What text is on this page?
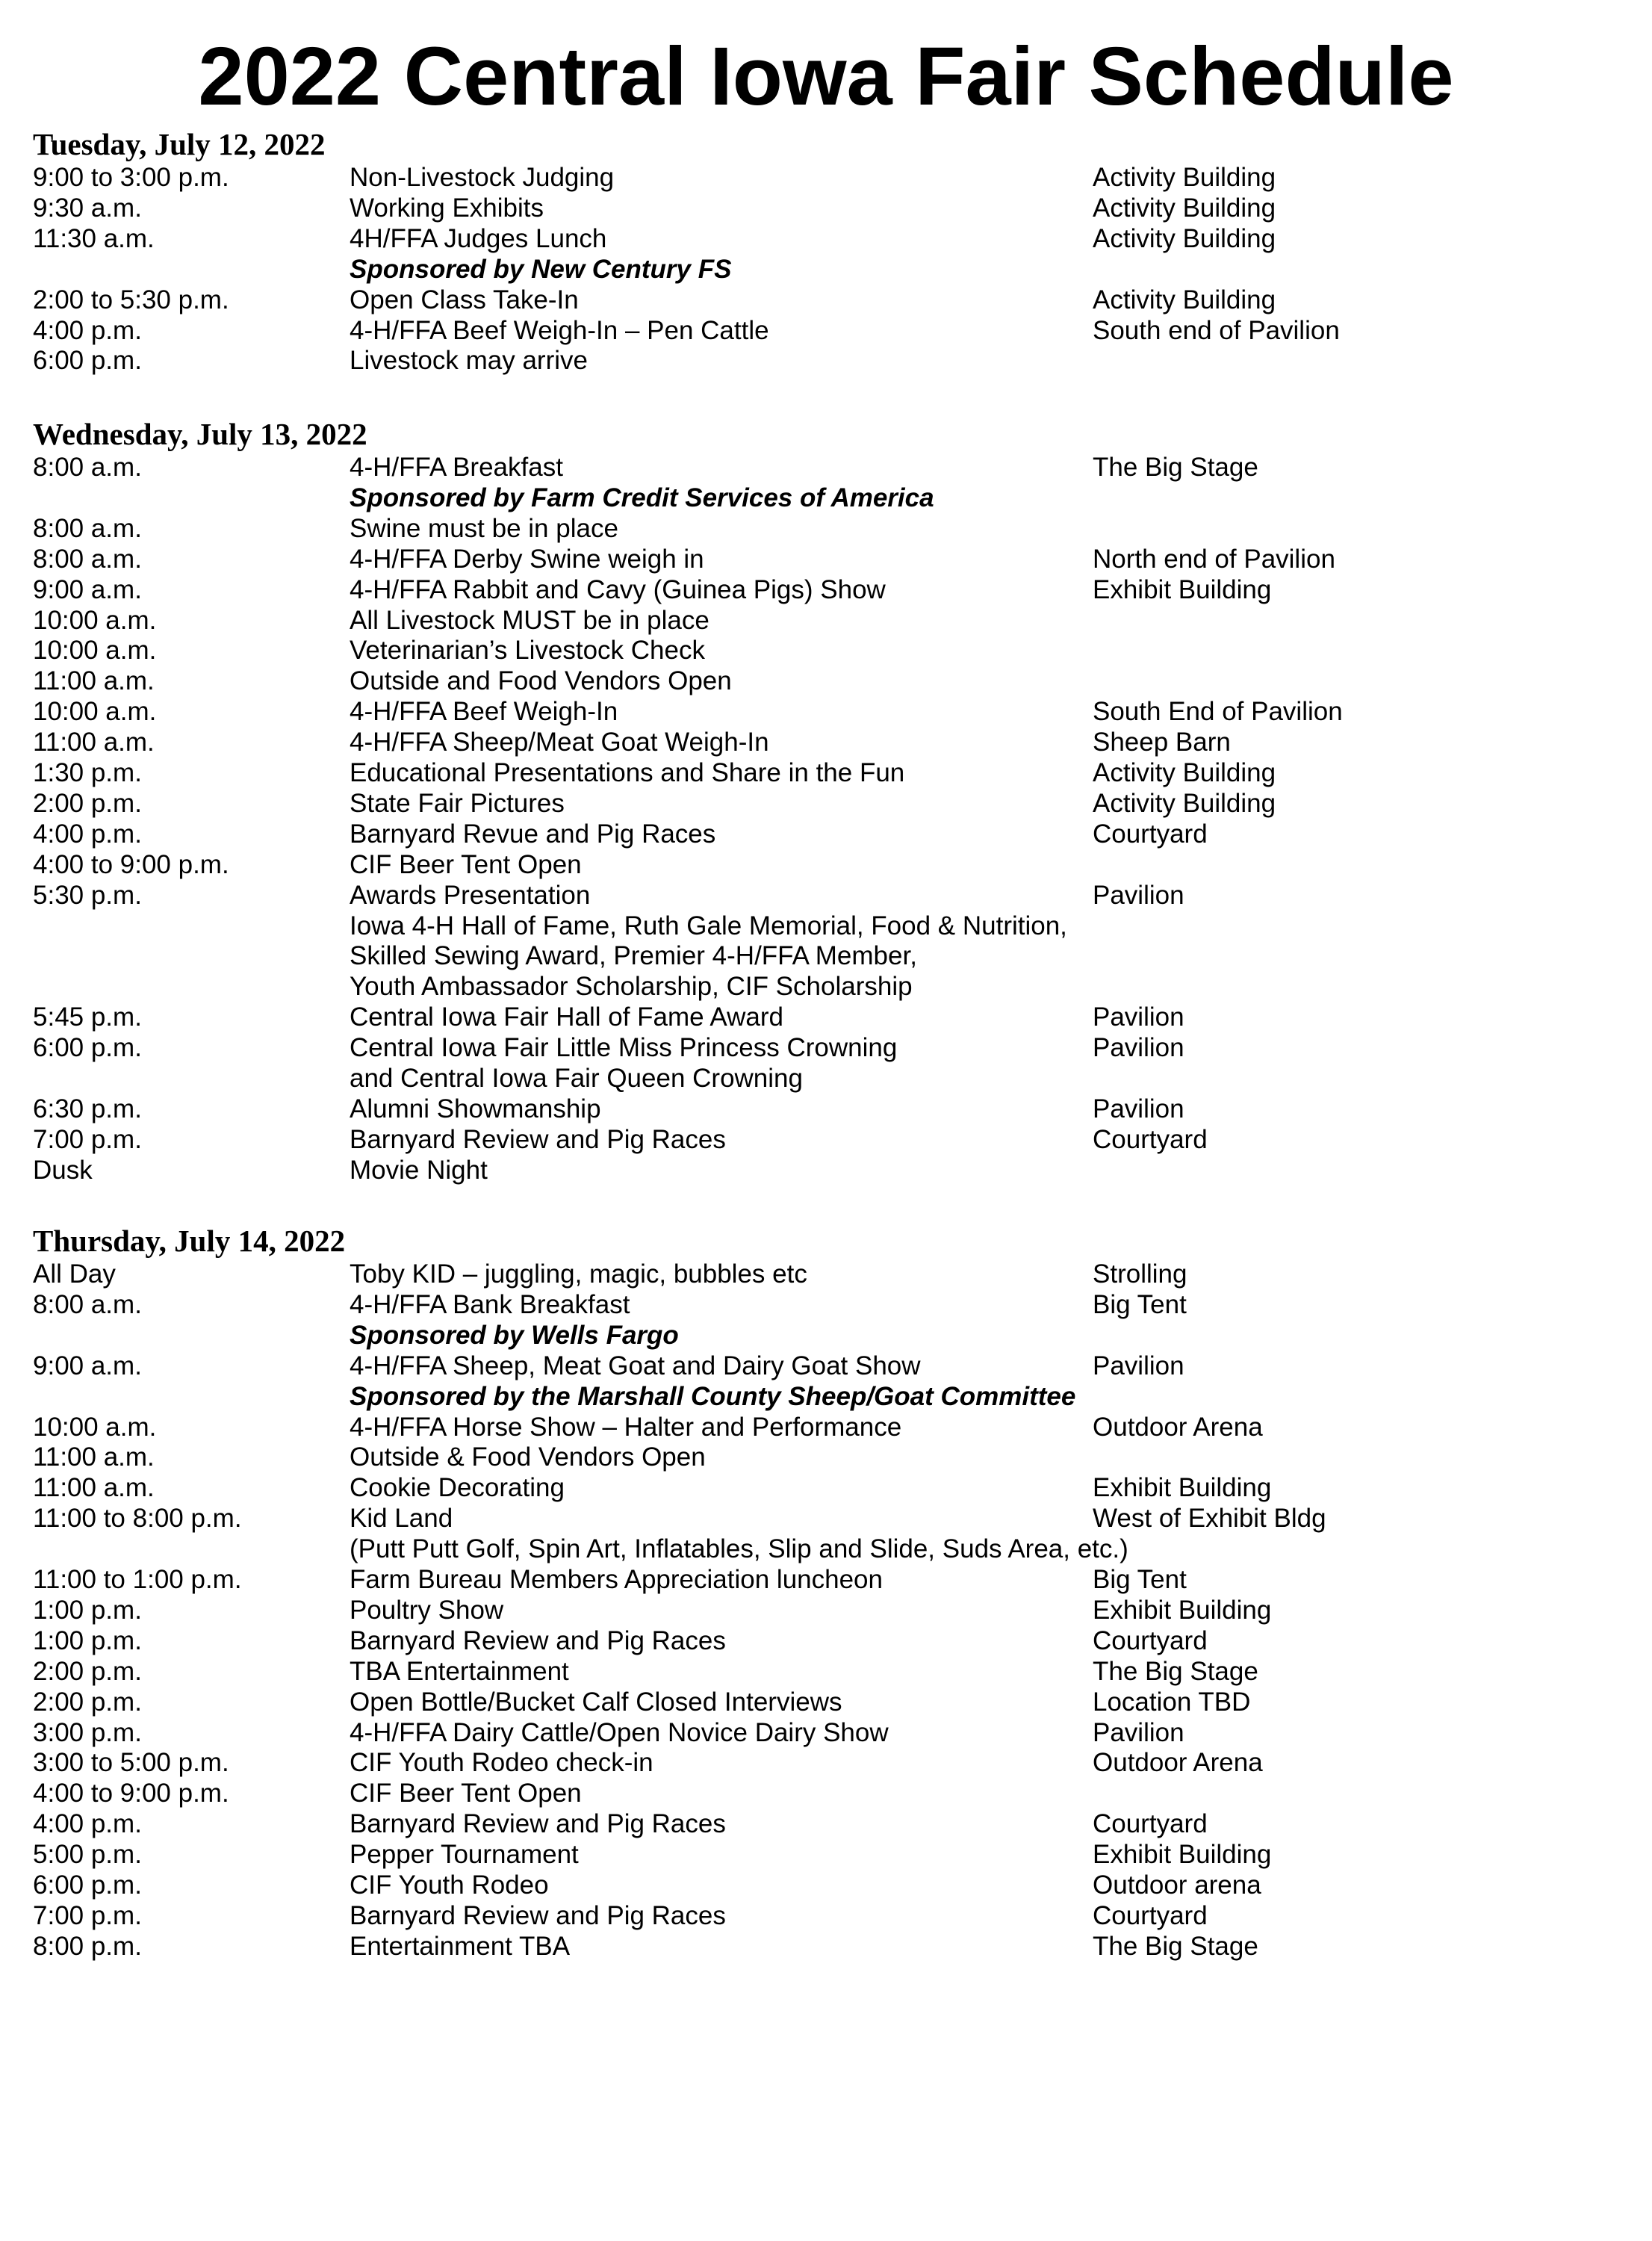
2022 Central Iowa Fair Schedule
Tuesday, July 12, 2022
9:00 to 3:00 p.m.	Non-Livestock Judging	Activity Building
9:30 a.m.	Working Exhibits	Activity Building
11:30 a.m.	4H/FFA Judges Lunch	Activity Building
Sponsored by New Century FS
2:00 to 5:30 p.m.	Open Class Take-In	Activity Building
4:00 p.m.	4-H/FFA Beef Weigh-In – Pen Cattle	South end of Pavilion
6:00 p.m.	Livestock may arrive
Wednesday, July 13, 2022
8:00 a.m.	4-H/FFA Breakfast	The Big Stage
Sponsored by Farm Credit Services of America
8:00 a.m.	Swine must be in place
8:00 a.m.	4-H/FFA Derby Swine weigh in	North end of Pavilion
9:00 a.m.	4-H/FFA Rabbit and Cavy (Guinea Pigs) Show	Exhibit Building
10:00 a.m.	All Livestock MUST be in place
10:00 a.m.	Veterinarian’s Livestock Check
11:00 a.m.	Outside and Food Vendors Open
10:00 a.m.	4-H/FFA Beef Weigh-In	South End of Pavilion
11:00 a.m.	4-H/FFA Sheep/Meat Goat Weigh-In	Sheep Barn
1:30 p.m.	Educational Presentations and Share in the Fun	Activity Building
2:00 p.m.	State Fair Pictures	Activity Building
4:00 p.m.	Barnyard Revue and Pig Races	Courtyard
4:00 to 9:00 p.m.	CIF Beer Tent Open
5:30 p.m.	Awards Presentation	Pavilion
Iowa 4-H Hall of Fame, Ruth Gale Memorial, Food & Nutrition,
Skilled Sewing Award, Premier 4-H/FFA Member,
Youth Ambassador Scholarship, CIF Scholarship
5:45 p.m.	Central Iowa Fair Hall of Fame Award	Pavilion
6:00 p.m.	Central Iowa Fair Little Miss Princess Crowning	Pavilion
and Central Iowa Fair Queen Crowning
6:30 p.m.	Alumni Showmanship	Pavilion
7:00 p.m.	Barnyard Review and Pig Races	Courtyard
Dusk	Movie Night
Thursday, July 14, 2022
All Day	Toby KID – juggling, magic, bubbles etc	Strolling
8:00 a.m.	4-H/FFA Bank Breakfast	Big Tent
Sponsored by Wells Fargo
9:00 a.m.	4-H/FFA Sheep, Meat Goat and Dairy Goat Show	Pavilion
Sponsored by the Marshall County Sheep/Goat Committee
10:00 a.m.	4-H/FFA Horse Show – Halter and Performance	Outdoor Arena
11:00 a.m.	Outside & Food Vendors Open
11:00 a.m.	Cookie Decorating	Exhibit Building
11:00 to 8:00 p.m.	Kid Land	West of Exhibit Bldg
(Putt Putt Golf, Spin Art, Inflatables, Slip and Slide, Suds Area, etc.)
11:00 to 1:00 p.m.	Farm Bureau Members Appreciation luncheon	Big Tent
1:00 p.m.	Poultry Show	Exhibit Building
1:00 p.m.	Barnyard Review and Pig Races	Courtyard
2:00 p.m.	TBA Entertainment	The Big Stage
2:00 p.m.	Open Bottle/Bucket Calf Closed Interviews	Location TBD
3:00 p.m.	4-H/FFA Dairy Cattle/Open Novice Dairy Show	Pavilion
3:00 to 5:00 p.m.	CIF Youth Rodeo check-in	Outdoor Arena
4:00 to 9:00 p.m.	CIF Beer Tent Open
4:00 p.m.	Barnyard Review and Pig Races	Courtyard
5:00 p.m.	Pepper Tournament	Exhibit Building
6:00 p.m.	CIF Youth Rodeo	Outdoor arena
7:00 p.m.	Barnyard Review and Pig Races	Courtyard
8:00 p.m.	Entertainment TBA	The Big Stage
